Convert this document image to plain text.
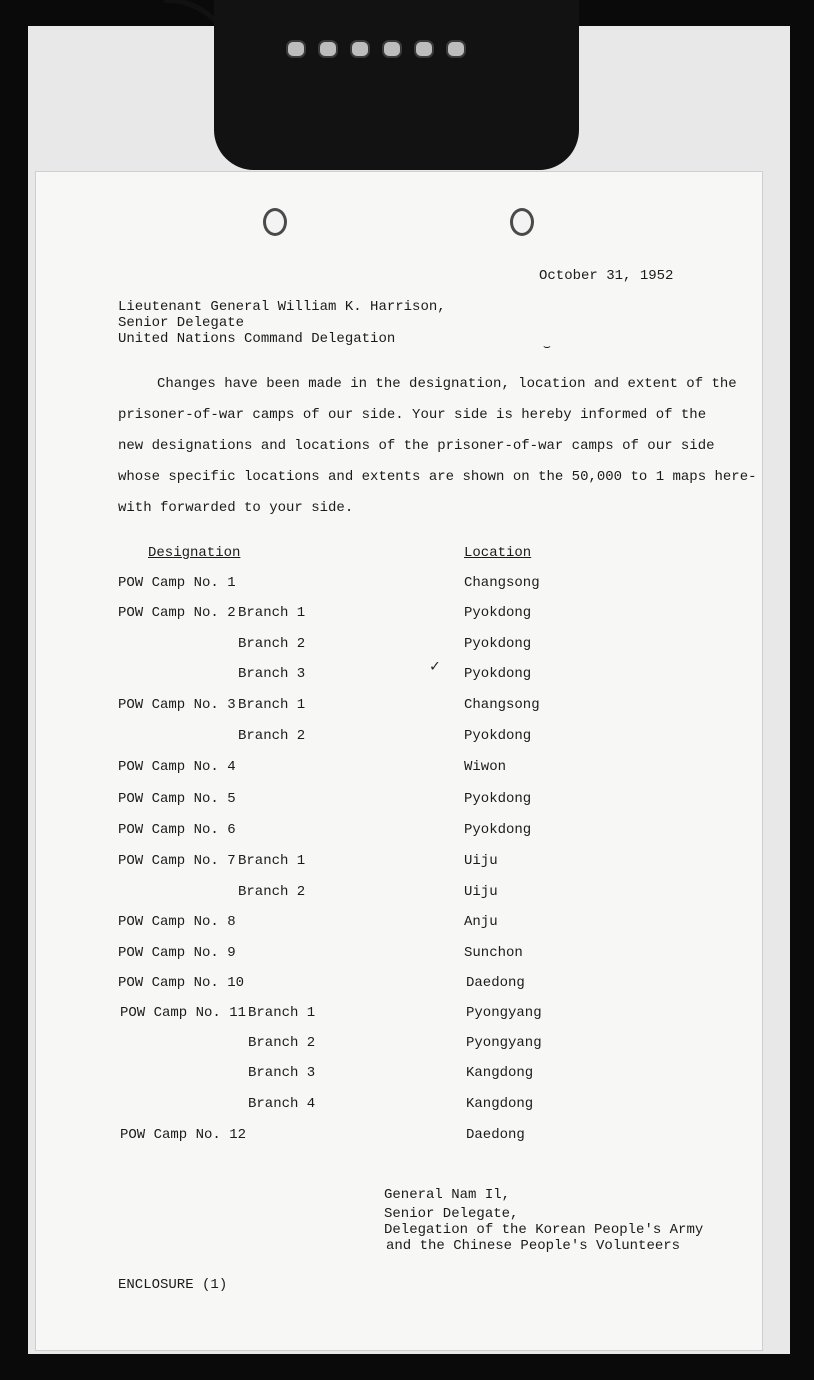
October 31, 1952
Lieutenant General William K. Harrison,
Senior Delegate
United Nations Command Delegation
Changes have been made in the designation, location and extent of the
prisoner-of-war camps of our side. Your side is hereby informed of the
new designations and locations of the prisoner-of-war camps of our side
whose specific locations and extents are shown on the 50,000 to 1 maps here-
with forwarded to your side.
Designation	Location
POW Camp No. 1	Changsong
POW Camp No. 2 Branch 1	Pyokdong
Branch 2	Pyokdong
Branch 3	Pyokdong
POW Camp No. 3 Branch 1	Changsong
Branch 2	Pyokdong
POW Camp No. 4	Wiwon
POW Camp No. 5	Pyokdong
POW Camp No. 6	Pyokdong
POW Camp No. 7 Branch 1	Uiju
Branch 2	Uiju
POW Camp No. 8	Anju
POW Camp No. 9	Sunchon
POW Camp No. 10	Daedong
POW Camp No. 11 Branch 1	Pyongyang
Branch 2	Pyongyang
Branch 3	Kangdong
Branch 4	Kangdong
POW Camp No. 12	Daedong
General Nam Il,
Senior Delegate,
Delegation of the Korean People's Army
and the Chinese People's Volunteers
ENCLOSURE (1)
✓
⌣
